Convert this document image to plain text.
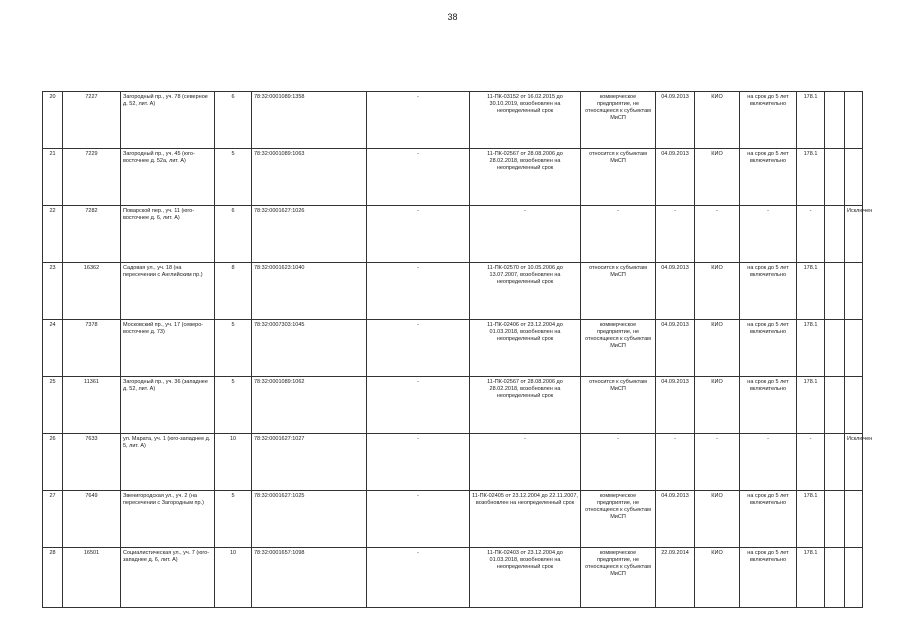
38
20	7227	Загородный пр., уч. 78 (северное д. 52, лит. А)	6	78:32:0001089:1358	-	11-ПК-03152 от 16.02.2015 до 30.10.2019, возобновлен на неопределенный срок	коммерческое предприятие, не относящееся к субъектам МиСП	04.09.2013	КИО	на срок до 5 лет включительно	178.1		
21	7229	Загородный пр., уч. 45 (юго-восточнее д. 52а, лит. А)	5	78:32:0001089:1063	-	11-ПК-02567 от 28.08.2006 до 28.02.2018, возобновлен на неопределенный срок	относится к субъектам МиСП	04.09.2013	КИО	на срок до 5 лет включительно	178.1		
22	7282	Поварской пер., уч. 11 (юго-восточнее д. 6, лит. А)	6	78:32:0001627:1026	-	-	-	-	-	-	-		Исключен
23	16362	Садовая ул., уч. 18 (на пересечении с Английским пр.)	8	78:32:0001623:1040	-	11-ПК-02570 от 10.05.2006 до 13.07.2007, возобновлен на неопределенный срок	относится к субъектам МиСП	04.09.2013	КИО	на срок до 5 лет включительно	178.1		
24	7378	Московский пр., уч. 17 (северо-восточнее д. 73)	5	78:32:0007303:1045	-	11-ПК-02406 от 23.12.2004 до 01.03.2018, возобновлен на неопределенный срок	коммерческое предприятие, не относящееся к субъектам МиСП	04.09.2013	КИО	на срок до 5 лет включительно	178.1		
25	11361	Загородный пр., уч. 36 (западнее д. 52, лит. А)	5	78:32:0001089:1062	-	11-ПК-02567 от 28.08.2006 до 28.02.2018, возобновлен на неопределенный срок	относится к субъектам МиСП	04.09.2013	КИО	на срок до 5 лет включительно	178.1		
26	7633	ул. Марата, уч. 1 (юго-западнее д. 5, лит. А)	10	78:32:0001627:1027	-	-	-	-	-	-	-		Исключен
27	7649	Звенигородская ул., уч. 2 (на пересечении с Загородным пр.)	5	78:32:0001627:1025	-	11-ПК-02405 от 23.12.2004 до 22.11.2007, возобновлен на неопределенный срок	коммерческое предприятие, не относящееся к субъектам МиСП	04.09.2013	КИО	на срок до 5 лет включительно	178.1		
28	16501	Социалистическая ул., уч. 7 (юго-западнее д. 6, лит. А)	10	78:32:0001657:1098	-	11-ПК-02403 от 23.12.2004 до 01.03.2018, возобновлен на неопределенный срок	коммерческое предприятие, не относящееся к субъектам МиСП	22.09.2014	КИО	на срок до 5 лет включительно	178.1		
